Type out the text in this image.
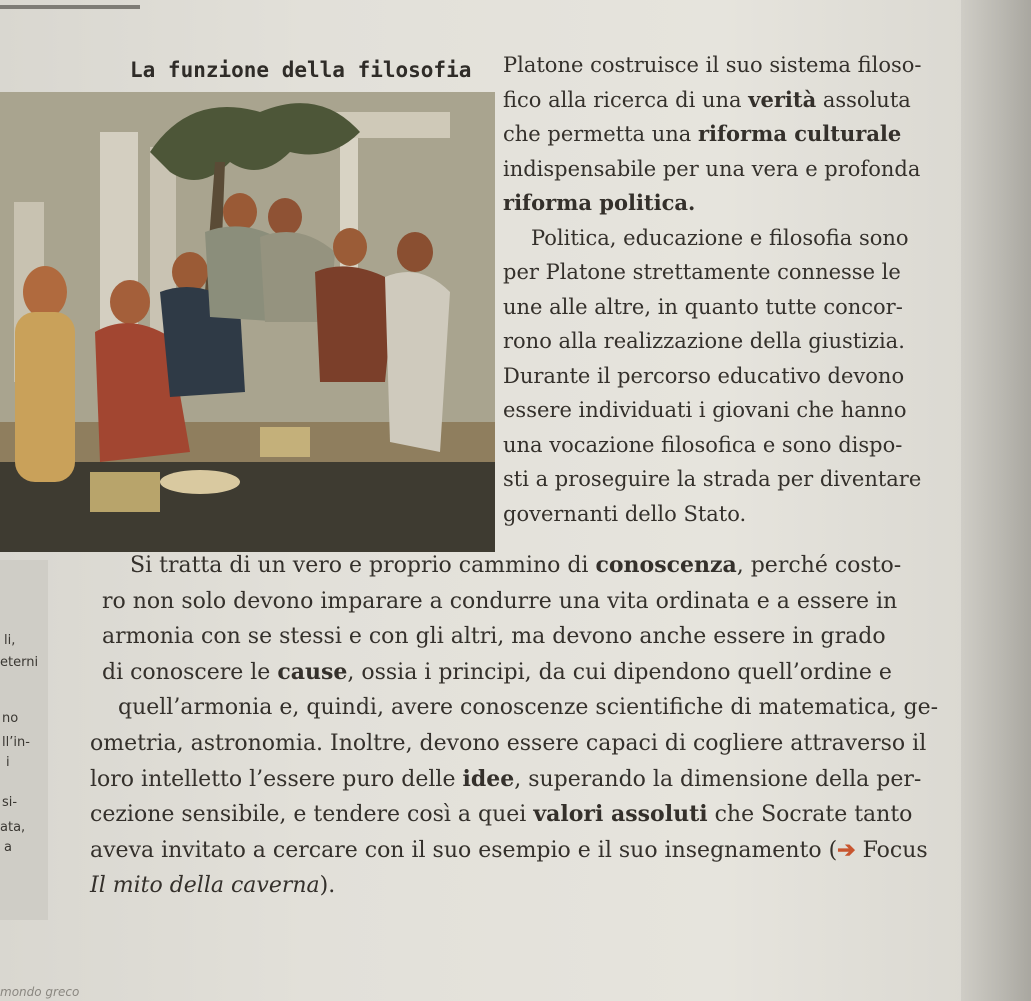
La funzione della filosofia Platone costruisce il suo sistema filoso-
fico alla ricerca di una verità assoluta
che permetta una riforma culturale
indispensabile per una vera e profonda
riforma politica.
Politica, educazione e filosofia sono
per Platone strettamente connesse le
une alle altre, in quanto tutte concor-
rono alla realizzazione della giustizia.
Durante il percorso educativo devono
essere individuati i giovani che hanno
una vocazione filosofica e sono dispo-
sti a proseguire la strada per diventare
governanti dello Stato.
Si tratta di un vero e proprio cammino di conoscenza, perché costo-
ro non solo devono imparare a condurre una vita ordinata e a essere in
armonia con se stessi e con gli altri, ma devono anche essere in grado
di conoscere le cause, ossia i principi, da cui dipendono quell’ordine e
quell’armonia e, quindi, avere conoscenze scientifiche di matematica, ge-
ometria, astronomia. Inoltre, devono essere capaci di cogliere attraverso il
loro intelletto l’essere puro delle idee, superando la dimensione della per-
cezione sensibile, e tendere così a quei valori assoluti che Socrate tanto
aveva invitato a cercare con il suo esempio e il suo insegnamento (➔ Focus
Il mito della caverna).
li,
eterni
no
ll’in-
i
si-
ata,
a
mondo greco
